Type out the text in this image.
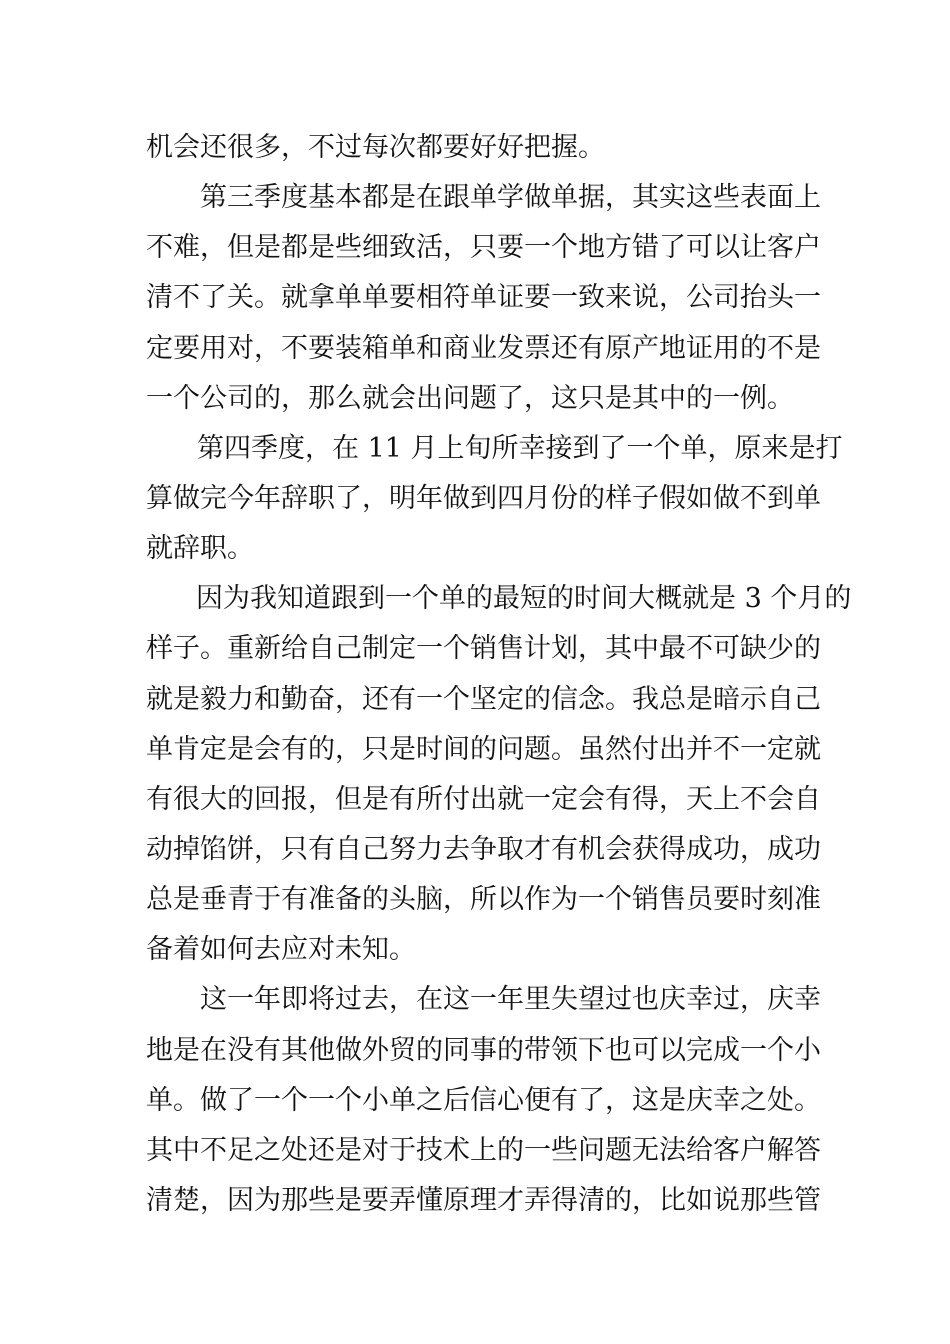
机会还很多，不过每次都要好好把握。
第三季度基本都是在跟单学做单据，其实这些表面上
不难，但是都是些细致活，只要一个地方错了可以让客户
清不了关。就拿单单要相符单证要一致来说，公司抬头一
定要用对，不要装箱单和商业发票还有原产地证用的不是
一个公司的，那么就会出问题了，这只是其中的一例。
第四季度，在 11 月上旬所幸接到了一个单，原来是打
算做完今年辞职了，明年做到四月份的样子假如做不到单
就辞职。
因为我知道跟到一个单的最短的时间大概就是 3 个月的
样子。重新给自己制定一个销售计划，其中最不可缺少的
就是毅力和勤奋，还有一个坚定的信念。我总是暗示自己
单肯定是会有的，只是时间的问题。虽然付出并不一定就
有很大的回报，但是有所付出就一定会有得，天上不会自
动掉馅饼，只有自己努力去争取才有机会获得成功，成功
总是垂青于有准备的头脑，所以作为一个销售员要时刻准
备着如何去应对未知。
这一年即将过去，在这一年里失望过也庆幸过，庆幸
地是在没有其他做外贸的同事的带领下也可以完成一个小
单。做了一个一个小单之后信心便有了，这是庆幸之处。
其中不足之处还是对于技术上的一些问题无法给客户解答
清楚，因为那些是要弄懂原理才弄得清的，比如说那些管
